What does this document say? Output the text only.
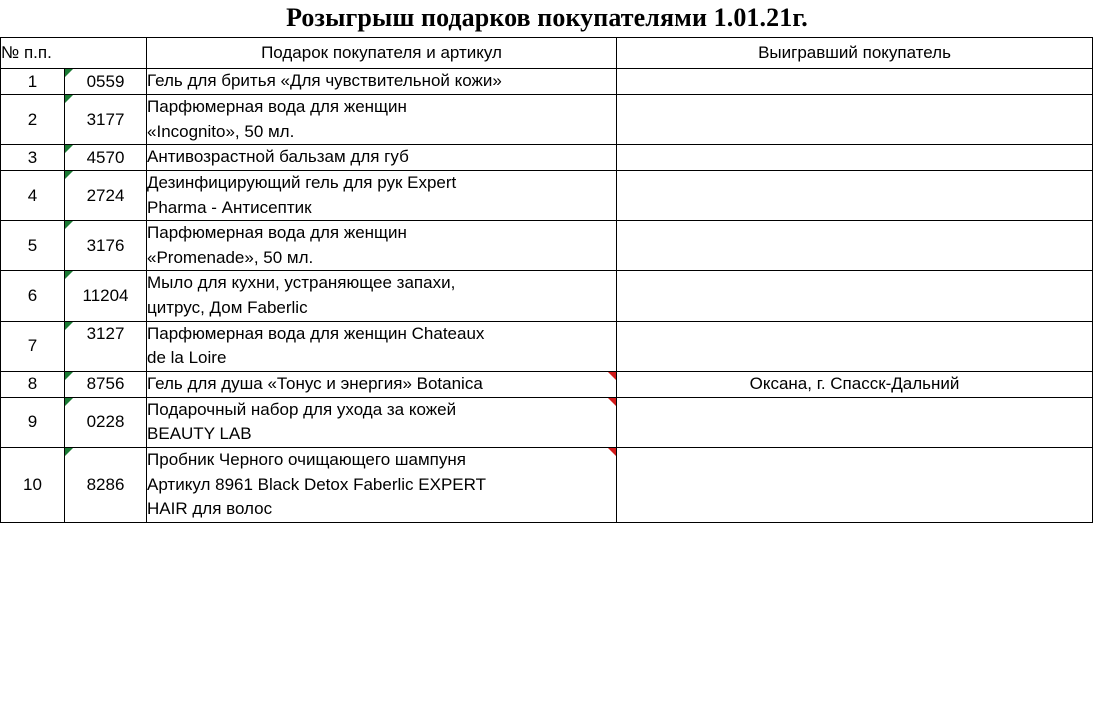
Розыгрыш подарков покупателями 1.01.21г.
№ п.п.		Подарок покупателя и артикул	Выигравший покупатель
1	0559	Гель для бритья «Для чувствительной кожи»	

2	3177	Парфюмерная вода для женщин
«Incognito», 50 мл.	

3	4570	Антивозрастной бальзам для губ	

4	2724	Дезинфицирующий гель для рук Expert
Pharma - Антисептик	

5	3176	Парфюмерная вода для женщин
«Promenade», 50 мл.	

6	11204	Мыло для кухни, устраняющее запахи,
цитрус, Дом Faberlic	

7	3127	Парфюмерная вода для женщин Chateaux
de la Loire	

8	8756	Гель для душа «Тонус и энергия» Botanica	Оксана, г. Спасск-Дальний
9	0228	Подарочный набор для ухода за кожей
BEAUTY LAB	

10	8286	Пробник Черного очищающего шампуня
Артикул 8961 Black Detox Faberlic EXPERT
HAIR для волос	
